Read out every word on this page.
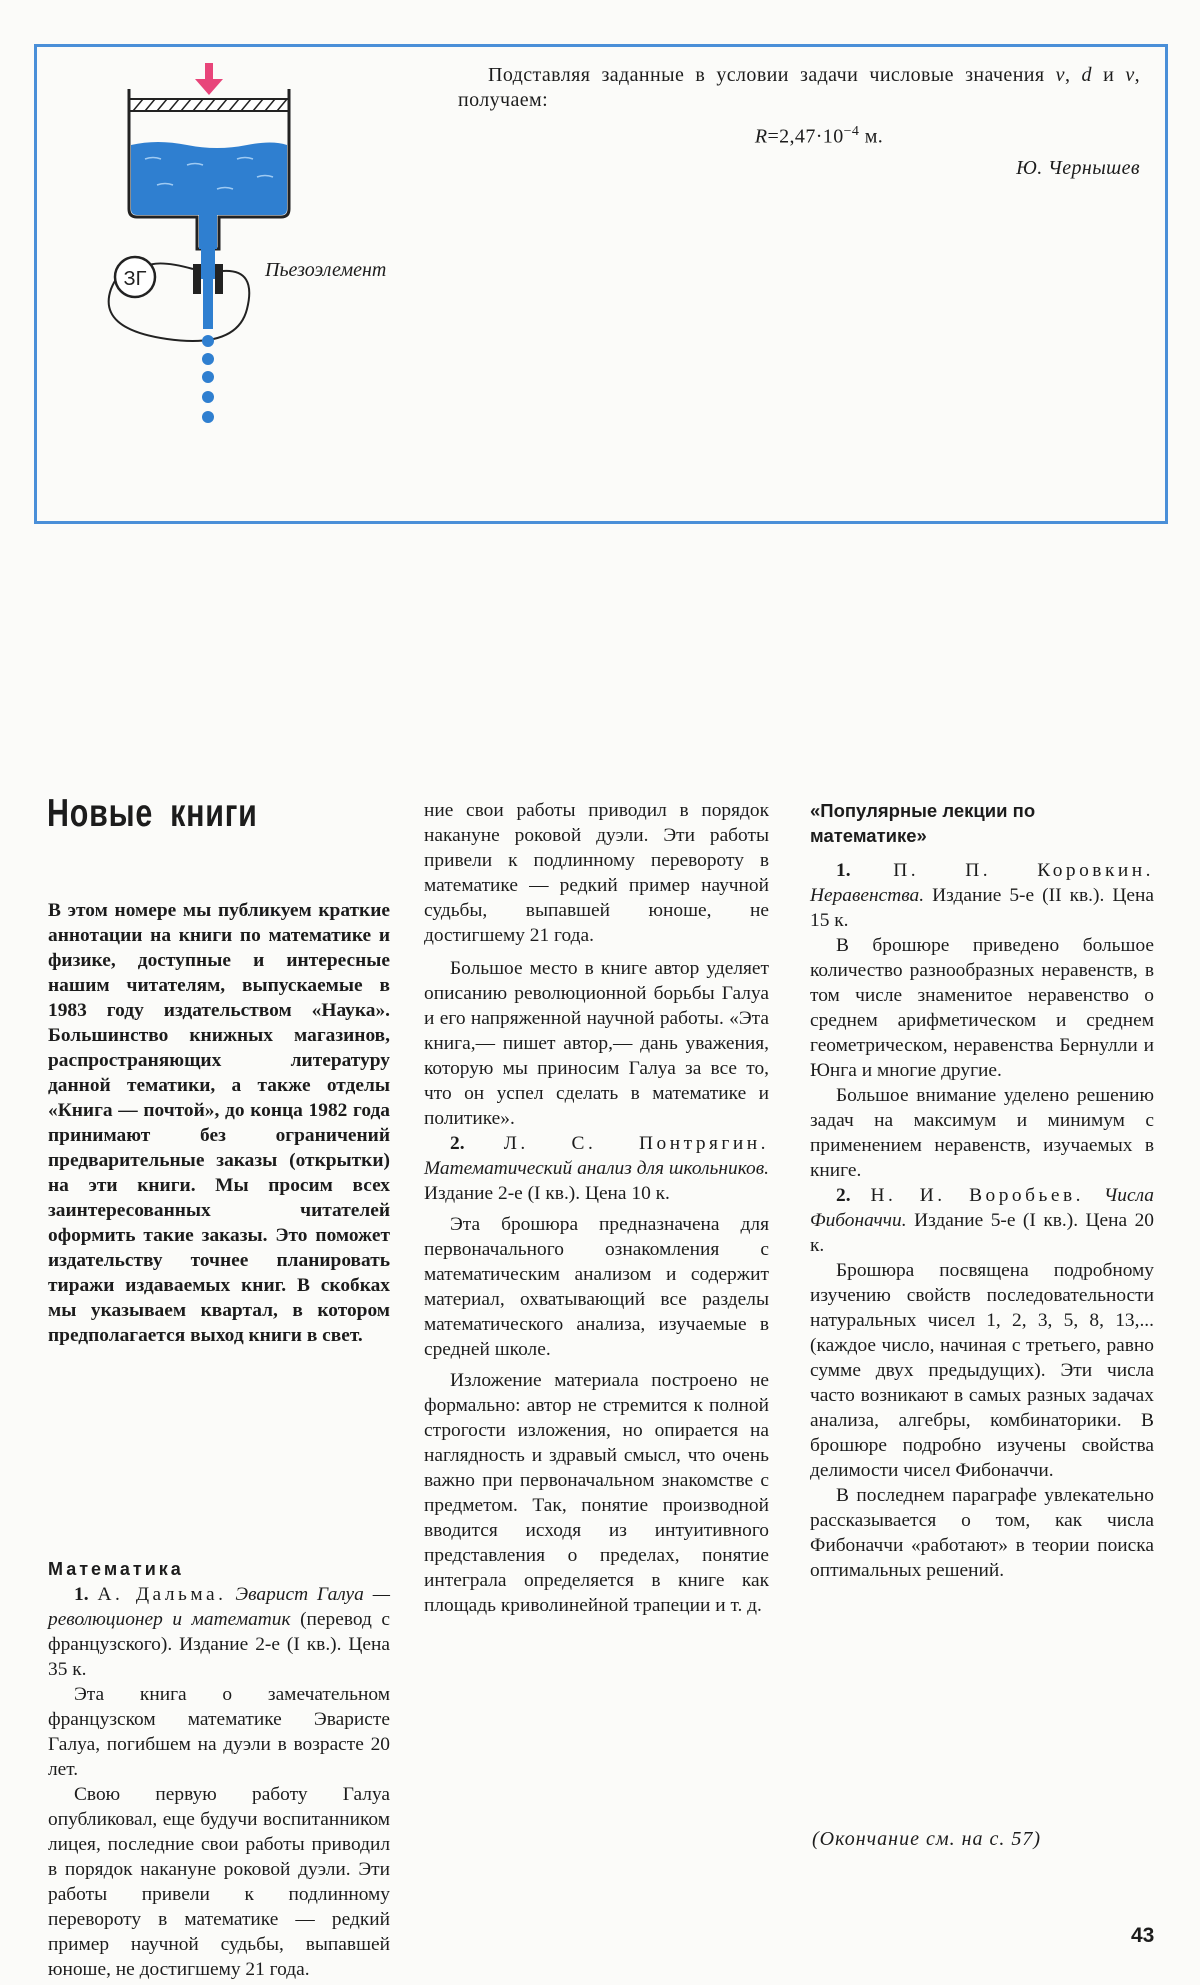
ЗГ	Пьезоэлемент

Подставляя заданные в условии задачи числовые значения v, d и ν, получаем:

$R=2,47\cdot 10^{-4}$ м.

Ю. Чернышев

Новые книги
В этом номере мы публикуем краткие аннотации на книги по математике и физике, доступные и интересные нашим читателям, выпускаемые в 1983 году издательством «Наука». Большинство книжных магазинов, распространяющих литературу данной тематики, а также отделы «Книга — почтой», до конца 1982 года принимают без ограничений предварительные заказы (открытки) на эти книги. Мы просим всех заинтересованных читателей оформить такие заказы. Это поможет издательству точнее планировать тиражи издаваемых книг. В скобках мы указываем квартал, в котором предполагается выход книги в свет.

Математика

1. А. Дальма. Эварист Галуа — революционер и математик (перевод с французского). Издание 2-е (I кв.). Цена 35 к.

Эта книга о замечательном французском математике Эваристе Галуа, погибшем на дуэли в возрасте 20 лет.

Свою первую работу Галуа опубликовал, еще будучи воспитанником лицея, последние свои работы приводил в порядок накануне роковой дуэли. Эти работы привели к подлинному перевороту в математике — редкий пример научной судьбы, выпавшей юноше, не достигшему 21 года.

ние свои работы приводил в порядок накануне роковой дуэли. Эти работы привели к подлинному перевороту в математике — редкий пример научной судьбы, выпавшей юноше, не достигшему 21 года.

Большое место в книге автор уделяет описанию революционной борьбы Галуа и его напряженной научной работы. «Эта книга,— пишет автор,— дань уважения, которую мы приносим Галуа за все то, что он успел сделать в математике и политике».

2. Л. С. Понтрягин. Математический анализ для школьников. Издание 2-е (I кв.). Цена 10 к.

Эта брошюра предназначена для первоначального ознакомления с математическим анализом и содержит материал, охватывающий все разделы математического анализа, изучаемые в средней школе.

Изложение материала построено не формально: автор не стремится к полной строгости изложения, но опирается на наглядность и здравый смысл, что очень важно при первоначальном знакомстве с предметом. Так, понятие производной вводится исходя из интуитивного представления о пределах, понятие интеграла определяется в книге как площадь криволинейной трапеции и т. д.

«Популярные лекции по математике»

1. П. П. Коровкин. Неравенства. Издание 5-е (II кв.). Цена 15 к.

В брошюре приведено большое количество разнообразных неравенств, в том числе знаменитое неравенство о среднем арифметическом и среднем геометрическом, неравенства Бернулли и Юнга и многие другие.

Большое внимание уделено решению задач на максимум и минимум с применением неравенств, изучаемых в книге.

2. Н. И. Воробьев. Числа Фибоначчи. Издание 5-е (I кв.). Цена 20 к.

Брошюра посвящена подробному изучению свойств последовательности натуральных чисел 1, 2, 3, 5, 8, 13,... (каждое число, начиная с третьего, равно сумме двух предыдущих). Эти числа часто возникают в самых разных задачах анализа, алгебры, комбинаторики. В брошюре подробно изучены свойства делимости чисел Фибоначчи.

В последнем параграфе увлекательно рассказывается о том, как числа Фибоначчи «работают» в теории поиска оптимальных решений.

(Окончание см. на с. 57)
43
